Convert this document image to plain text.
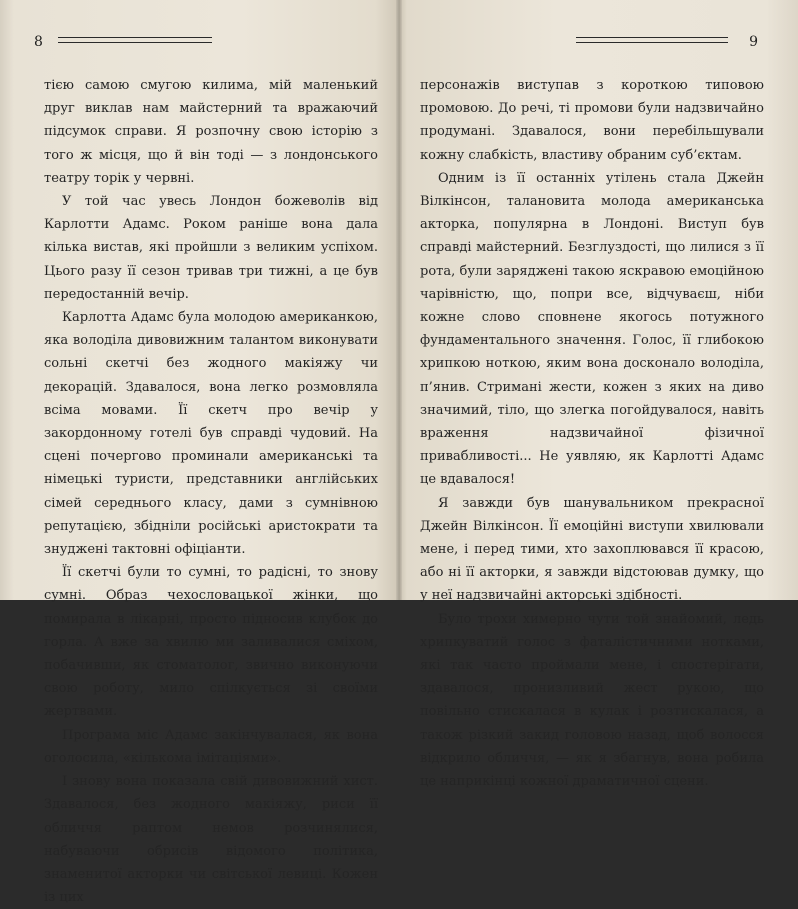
8

тією самою смугою килима, мій маленький друг виклав нам майстерний та вражаючий підсумок справи. Я розпочну свою історію з того ж місця, що й він тоді — з лондонського театру торік у червні.

У той час увесь Лондон божеволів від Карлотти Адамс. Роком раніше вона дала кілька вистав, які пройшли з великим успіхом. Цього разу її сезон тривав три тижні, а це був передостанній вечір.

Карлотта Адамс була молодою американкою, яка володіла дивовижним талантом виконувати сольні скетчі без жодного макіяжу чи декорацій. Здавалося, вона легко розмовляла всіма мовами. Її скетч про вечір у закордонному готелі був справді чудовий. На сцені почергово проминали американські та німецькі туристи, представники англійських сімей середнього класу, дами з сумнівною репутацією, збідніли російські аристократи та знуджені тактовні офіціанти.

Її скетчі були то сумні, то радісні, то знову сумні. Образ чехословацької жінки, що помирала в лікарні, просто підносив клубок до горла. А вже за хвилю ми заливалися сміхом, побачивши, як стоматолог, звично виконуючи свою роботу, мило спілкується зі своїми жертвами.

Програма міс Адамс закінчувалася, як вона оголосила, «кількома імітаціями».

І знову вона показала свій дивовижний хист. Здавалося, без жодного макіяжу, риси її обличчя раптом немов розчинялися, набуваючи обрисів відомого політика, знаменитої акторки чи світської левиці. Кожен із цих

9

персонажів виступав з короткою типовою промовою. До речі, ті промови були надзвичайно продумані. Здавалося, вони перебільшували кожну слабкість, властиву обраним суб’єктам.

Одним із її останніх утілень стала Джейн Вілкінсон, талановита молода американська акторка, популярна в Лондоні. Виступ був справді майстерний. Безглуздості, що лилися з її рота, були заряджені такою яскравою емоційною чарівністю, що, попри все, відчуваєш, ніби кожне слово сповнене якогось потужного фундаментального значення. Голос, її глибокою хрипкою ноткою, яким вона досконало володіла, п’янив. Стримані жести, кожен з яких на диво значимий, тіло, що злегка погойдувалося, навіть враження надзвичайної фізичної привабливості... Не уявляю, як Карлотті Адамс це вдавалося!

Я завжди був шанувальником прекрасної Джейн Вілкінсон. Її емоційні виступи хвилювали мене, і перед тими, хто захоплювався її красою, або ні її акторки, я завжди відстоював думку, що у неї надзвичайні акторські здібності.

Було трохи химерно чути той знайомий, ледь хрипкуватий голос з фаталістичними нотками, які так часто проймали мене, і спостерігати, здавалося, пронизливий жест рукою, що повільно стискалася в кулак і розтискалася, а також різкий закид головою назад, щоб волосся відкрило обличчя, — як я збагнув, вона робила це наприкінці кожної драматичної сцени.
